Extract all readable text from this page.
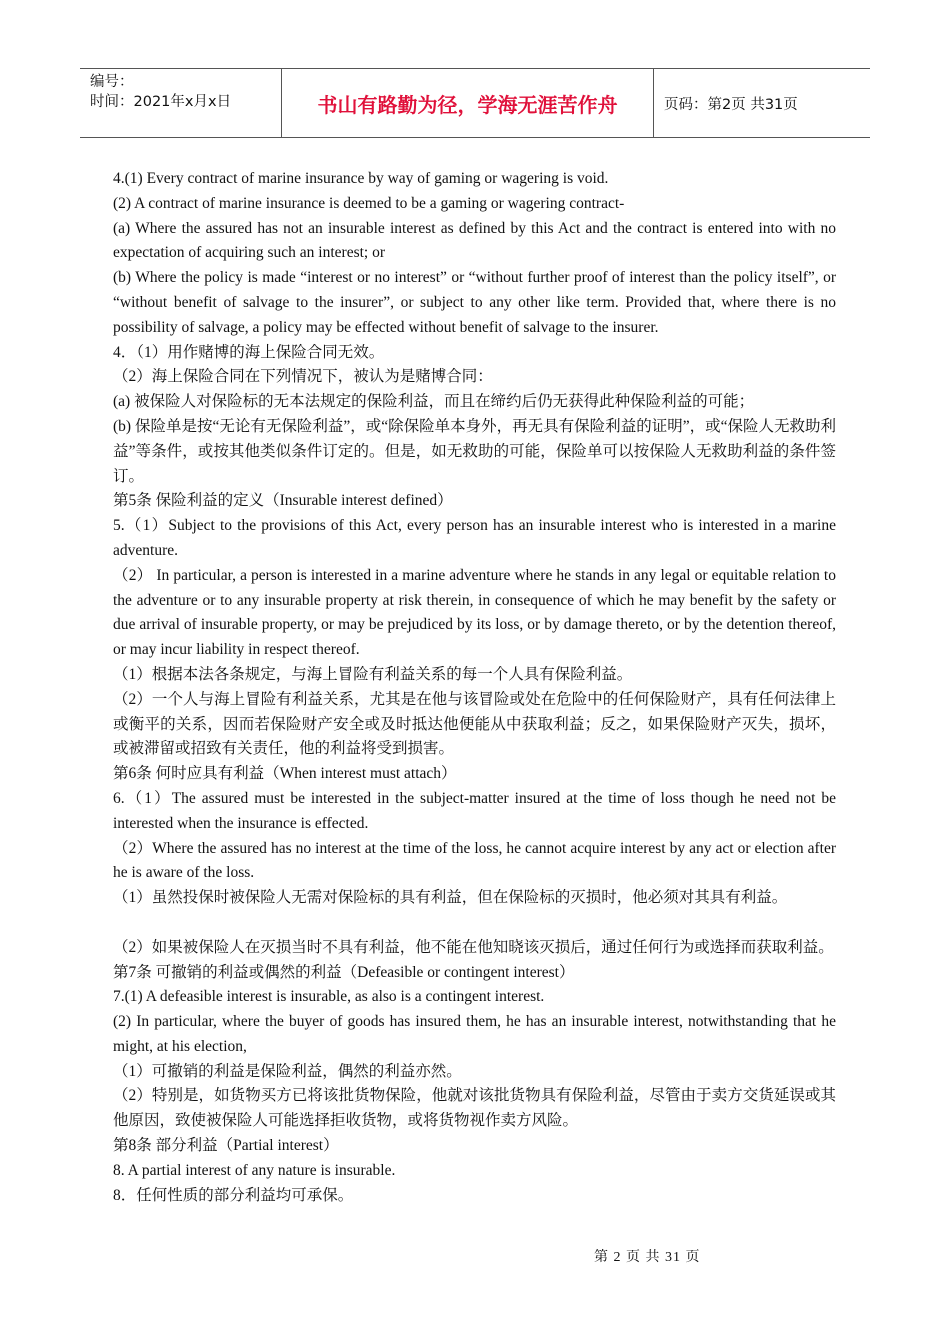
编号：
时间：2021年x月x日	书山有路勤为径，学海无涯苦作舟	页码：第2页 共31页

4.(1) Every contract of marine insurance by way of gaming or wagering is void.

(2) A contract of marine insurance is deemed to be a gaming or wagering contract-

(a) Where the assured has not an insurable interest as defined by this Act and the contract is entered into with no expectation of acquiring such an interest; or

(b) Where the policy is made “interest or no interest” or “without further proof of interest than the policy itself”, or “without benefit of salvage to the insurer”, or subject to any other like term. Provided that, where there is no possibility of salvage, a policy may be effected without benefit of salvage to the insurer.

4．（1）用作赌博的海上保险合同无效。

（2）海上保险合同在下列情况下，被认为是赌博合同：

(a) 被保险人对保险标的无本法规定的保险利益，而且在缔约后仍无获得此种保险利益的可能；

(b) 保险单是按“无论有无保险利益”，或“除保险单本身外，再无具有保险利益的证明”，或“保险人无救助利益”等条件，或按其他类似条件订定的。但是，如无救助的可能，保险单可以按保险人无救助利益的条件签订。

第5条 保险利益的定义（Insurable interest defined）

5.（1）Subject to the provisions of this Act, every person has an insurable interest who is interested in a marine adventure.

（2） In particular, a person is interested in a marine adventure where he stands in any legal or equitable relation to the adventure or to any insurable property at risk therein, in consequence of which he may benefit by the safety or due arrival of insurable property, or may be prejudiced by its loss, or by damage thereto, or by the detention thereof, or may incur liability in respect thereof.

（1）根据本法各条规定，与海上冒险有利益关系的每一个人具有保险利益。

（2）一个人与海上冒险有利益关系，尤其是在他与该冒险或处在危险中的任何保险财产，具有任何法律上或衡平的关系，因而若保险财产安全或及时抵达他便能从中获取利益；反之，如果保险财产灭失，损坏，或被滞留或招致有关责任，他的利益将受到损害。

第6条 何时应具有利益（When interest must attach）

6.（1）The assured must be interested in the subject-matter insured at the time of loss though he need not be interested when the insurance is effected.

（2）Where the assured has no interest at the time of the loss, he cannot acquire interest by any act or election after he is aware of the loss.

（1）虽然投保时被保险人无需对保险标的具有利益，但在保险标的灭损时，他必须对其具有利益。

（2）如果被保险人在灭损当时不具有利益，他不能在他知晓该灭损后，通过任何行为或选择而获取利益。

第7条 可撤销的利益或偶然的利益（Defeasible or contingent interest）

7.(1) A defeasible interest is insurable, as also is a contingent interest.

(2) In particular, where the buyer of goods has insured them, he has an insurable interest, notwithstanding that he might, at his election,

（1）可撤销的利益是保险利益，偶然的利益亦然。

（2）特别是，如货物买方已将该批货物保险，他就对该批货物具有保险利益，尽管由于卖方交货延误或其他原因，致使被保险人可能选择拒收货物，或将货物视作卖方风险。

第8条 部分利益（Partial interest）

8. A partial interest of any nature is insurable.

8．任何性质的部分利益均可承保。

第 2 页 共 31 页
